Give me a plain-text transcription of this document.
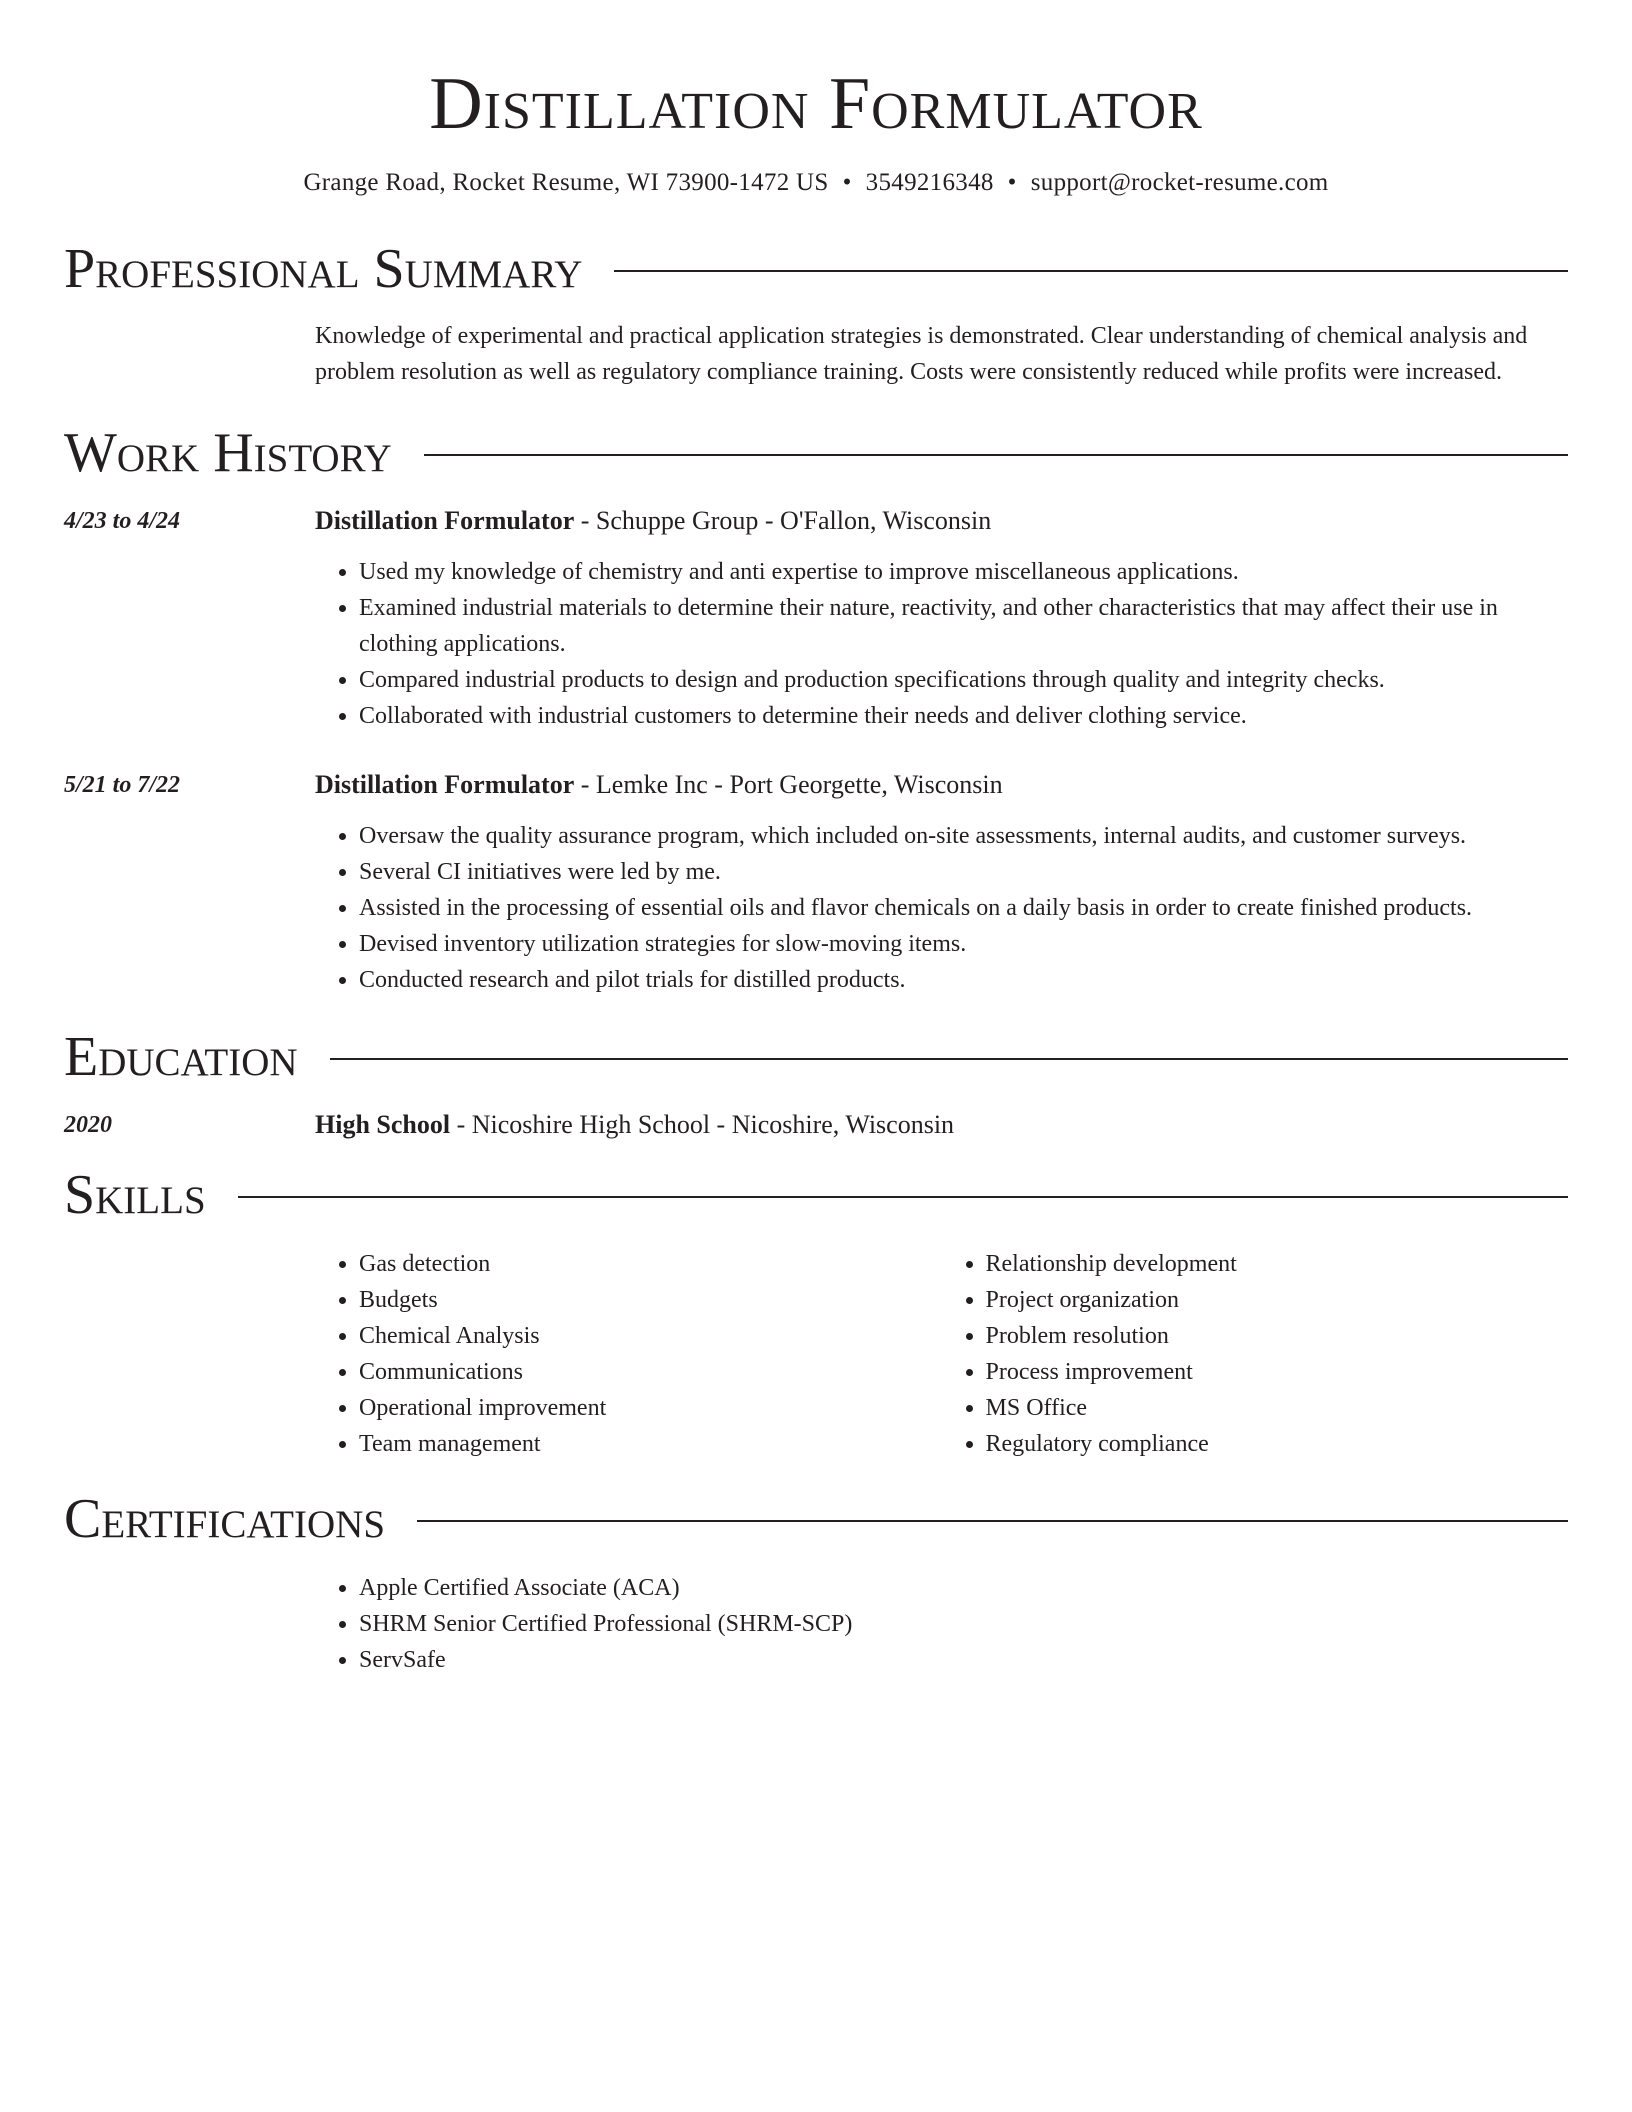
Distillation Formulator
Grange Road, Rocket Resume, WI 73900-1472 US • 3549216348 • support@rocket-resume.com
Professional Summary
Knowledge of experimental and practical application strategies is demonstrated. Clear understanding of chemical analysis and problem resolution as well as regulatory compliance training. Costs were consistently reduced while profits were increased.
Work History
4/23 to 4/24	Distillation Formulator - Schuppe Group - O'Fallon, Wisconsin
• Used my knowledge of chemistry and anti expertise to improve miscellaneous applications.
• Examined industrial materials to determine their nature, reactivity, and other characteristics that may affect their use in clothing applications.
• Compared industrial products to design and production specifications through quality and integrity checks.
• Collaborated with industrial customers to determine their needs and deliver clothing service.
5/21 to 7/22	Distillation Formulator - Lemke Inc - Port Georgette, Wisconsin
• Oversaw the quality assurance program, which included on-site assessments, internal audits, and customer surveys.
• Several CI initiatives were led by me.
• Assisted in the processing of essential oils and flavor chemicals on a daily basis in order to create finished products.
• Devised inventory utilization strategies for slow-moving items.
• Conducted research and pilot trials for distilled products.
Education
2020	High School - Nicoshire High School - Nicoshire, Wisconsin
Skills
• Gas detection
• Budgets
• Chemical Analysis
• Communications
• Operational improvement
• Team management
• Relationship development
• Project organization
• Problem resolution
• Process improvement
• MS Office
• Regulatory compliance
Certifications
• Apple Certified Associate (ACA)
• SHRM Senior Certified Professional (SHRM-SCP)
• ServSafe
